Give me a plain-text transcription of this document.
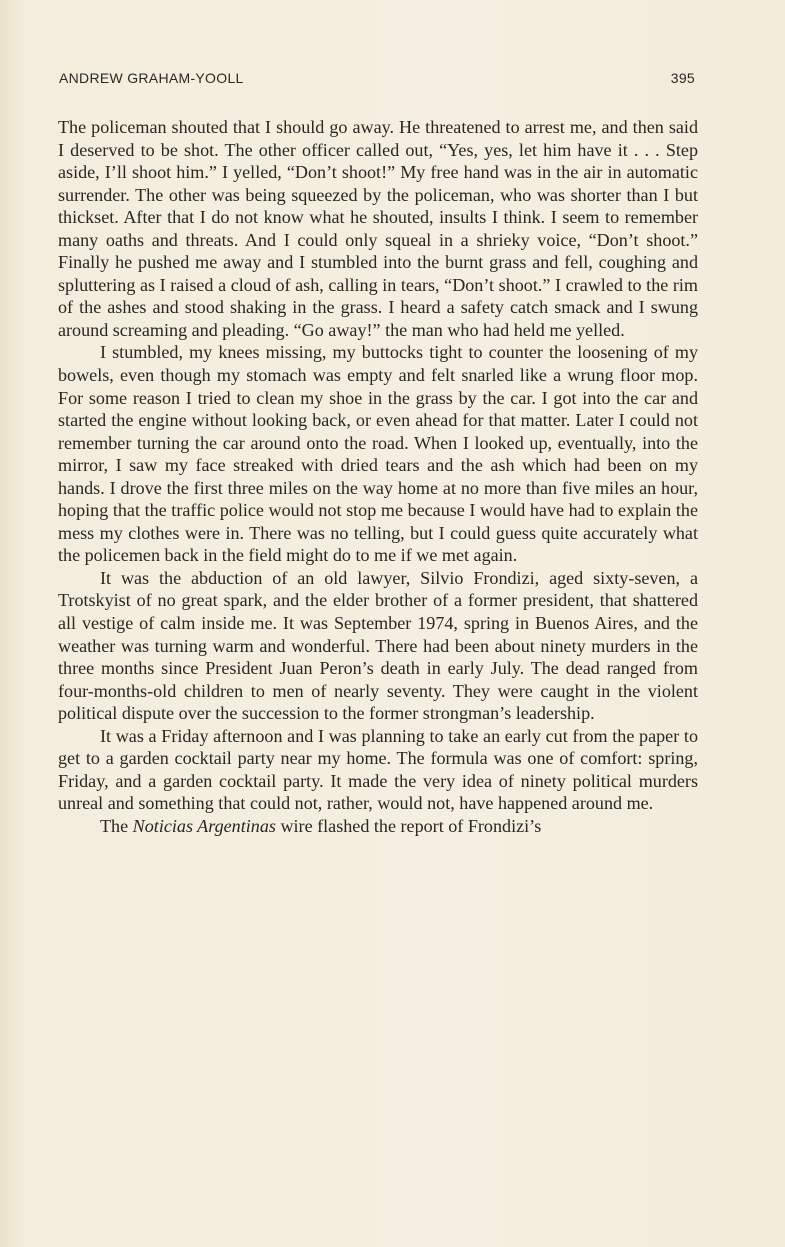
ANDREW GRAHAM-YOOLL	395

The policeman shouted that I should go away. He threatened to arrest me, and then said I deserved to be shot. The other officer called out, “Yes, yes, let him have it . . . Step aside, I’ll shoot him.” I yelled, “Don’t shoot!” My free hand was in the air in automatic surrender. The other was being squeezed by the policeman, who was shorter than I but thickset. After that I do not know what he shouted, insults I think. I seem to remember many oaths and threats. And I could only squeal in a shrieky voice, “Don’t shoot.” Finally he pushed me away and I stumbled into the burnt grass and fell, coughing and spluttering as I raised a cloud of ash, calling in tears, “Don’t shoot.” I crawled to the rim of the ashes and stood shaking in the grass. I heard a safety catch smack and I swung around screaming and pleading. “Go away!” the man who had held me yelled.

I stumbled, my knees missing, my buttocks tight to counter the loosening of my bowels, even though my stomach was empty and felt snarled like a wrung floor mop. For some reason I tried to clean my shoe in the grass by the car. I got into the car and started the engine without looking back, or even ahead for that matter. Later I could not remember turning the car around onto the road. When I looked up, eventually, into the mirror, I saw my face streaked with dried tears and the ash which had been on my hands. I drove the first three miles on the way home at no more than five miles an hour, hoping that the traffic police would not stop me because I would have had to explain the mess my clothes were in. There was no telling, but I could guess quite accurately what the policemen back in the field might do to me if we met again.

It was the abduction of an old lawyer, Silvio Frondizi, aged sixty-seven, a Trotskyist of no great spark, and the elder brother of a former president, that shattered all vestige of calm inside me. It was September 1974, spring in Buenos Aires, and the weather was turning warm and wonderful. There had been about ninety murders in the three months since President Juan Peron’s death in early July. The dead ranged from four-months-old children to men of nearly seventy. They were caught in the violent political dispute over the succession to the former strongman’s leadership.

It was a Friday afternoon and I was planning to take an early cut from the paper to get to a garden cocktail party near my home. The formula was one of comfort: spring, Friday, and a garden cocktail party. It made the very idea of ninety political murders unreal and something that could not, rather, would not, have happened around me.

The Noticias Argentinas wire flashed the report of Frondizi’s
